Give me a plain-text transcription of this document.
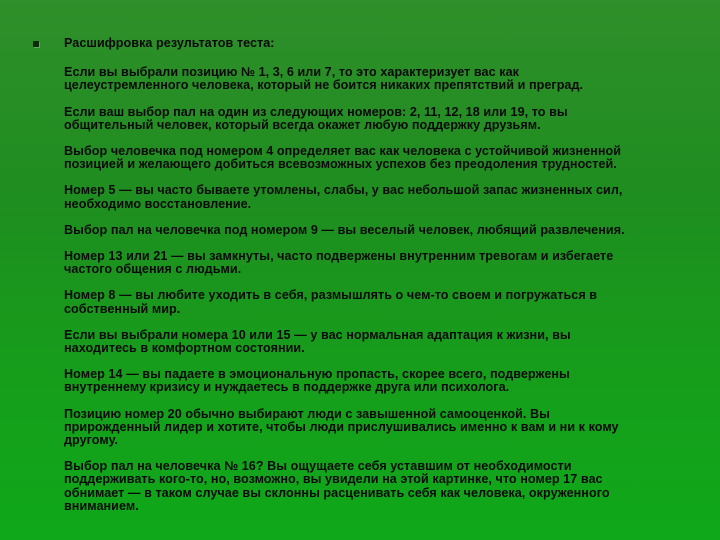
Расшифровка результатов теста:

Если вы выбрали позицию № 1, 3, 6 или 7, то это характеризует вас как
целеустремленного человека, который не боится никаких препятствий и преград.

Если ваш выбор пал на один из следующих номеров: 2, 11, 12, 18 или 19, то вы
общительный человек, который всегда окажет любую поддержку друзьям.

Выбор человечка под номером 4 определяет вас как человека с устойчивой жизненной
позицией и желающего добиться всевозможных успехов без преодоления трудностей.

Номер 5 — вы часто бываете утомлены, слабы, у вас небольшой запас жизненных сил,
необходимо восстановление.

Выбор пал на человечка под номером 9 — вы веселый человек, любящий развлечения.

Номер 13 или 21 — вы замкнуты, часто подвержены внутренним тревогам и избегаете
частого общения с людьми.

Номер 8 — вы любите уходить в себя, размышлять о чем-то своем и погружаться в
собственный мир.

Если вы выбрали номера 10 или 15 — у вас нормальная адаптация к жизни, вы
находитесь в комфортном состоянии.

Номер 14 — вы падаете в эмоциональную пропасть, скорее всего, подвержены
внутреннему кризису и нуждаетесь в поддержке друга или психолога.

Позицию номер 20 обычно выбирают люди с завышенной самооценкой. Вы
прирожденный лидер и хотите, чтобы люди прислушивались именно к вам и ни к кому
другому.

Выбор пал на человечка № 16? Вы ощущаете себя уставшим от необходимости
поддерживать кого-то, но, возможно, вы увидели на этой картинке, что номер 17 вас
обнимает — в таком случае вы склонны расценивать себя как человека, окруженного
вниманием.
